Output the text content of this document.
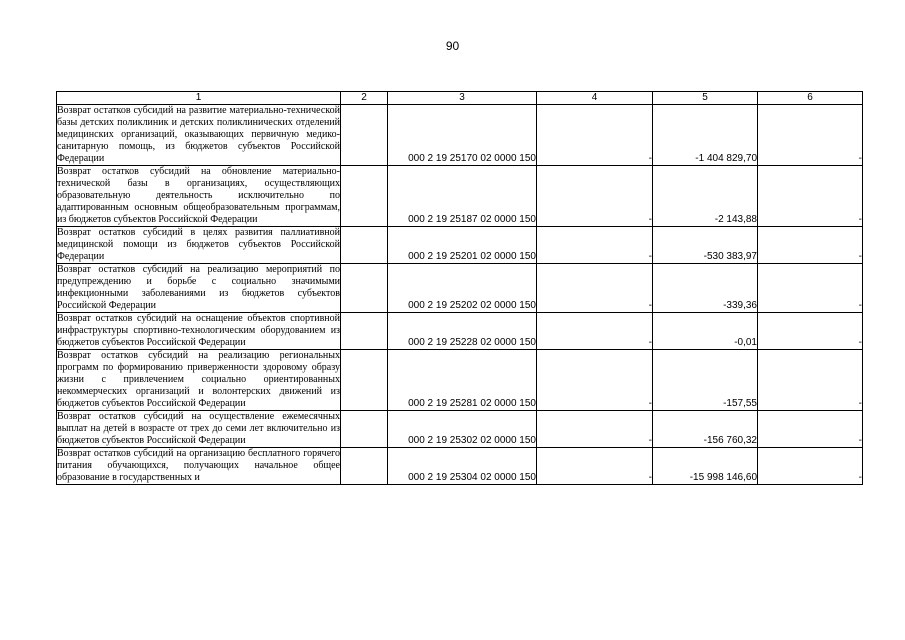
90
1	2	3	4	5	6
Возврат остатков субсидий на развитие материально-технической базы детских поликлиник и детских поликлинических отделений медицинских организаций, оказывающих первичную медико-санитарную помощь, из бюджетов субъектов Российской Федерации		000 2 19 25170 02 0000 150	-	-1 404 829,70	-
Возврат остатков субсидий на обновление материально-технической базы в организациях, осуществляющих образовательную деятельность исключительно по адаптированным основным общеобразовательным программам, из бюджетов субъектов Российской Федерации		000 2 19 25187 02 0000 150	-	-2 143,88	-
Возврат остатков субсидий в целях развития паллиативной медицинской помощи из бюджетов субъектов Российской Федерации		000 2 19 25201 02 0000 150	-	-530 383,97	-
Возврат остатков субсидий на реализацию мероприятий по предупреждению и борьбе с социально значимыми инфекционными заболеваниями из бюджетов субъектов Российской Федерации		000 2 19 25202 02 0000 150	-	-339,36	-
Возврат остатков субсидий на оснащение объектов спортивной инфраструктуры спортивно-технологическим оборудованием из бюджетов субъектов Российской Федерации		000 2 19 25228 02 0000 150	-	-0,01	-
Возврат остатков субсидий на реализацию региональных программ по формированию приверженности здоровому образу жизни с привлечением социально ориентированных некоммерческих организаций и волонтерских движений из бюджетов субъектов Российской Федерации		000 2 19 25281 02 0000 150	-	-157,55	-
Возврат остатков субсидий на осуществление ежемесячных выплат на детей в возрасте от трех до семи лет включительно из бюджетов субъектов Российской Федерации		000 2 19 25302 02 0000 150	-	-156 760,32	-
Возврат остатков субсидий на организацию бесплатного горячего питания обучающихся, получающих начальное общее образование в государственных и		000 2 19 25304 02 0000 150	-	-15 998 146,60	-
